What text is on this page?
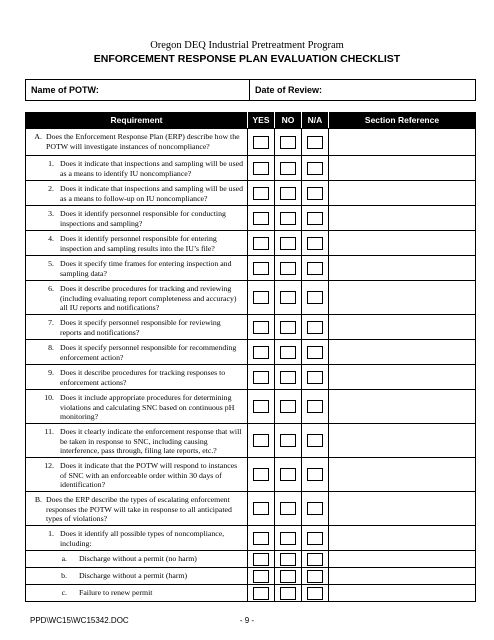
Oregon DEQ Industrial Pretreatment Program
ENFORCEMENT RESPONSE PLAN EVALUATION CHECKLIST
Name of POTW:	Date of Review:
Requirement	YES	NO	N/A	Section Reference
A. Does the Enforcement Response Plan (ERP) describe how the POTW will investigate instances of noncompliance?
1. Does it indicate that inspections and sampling will be used as a means to identify IU noncompliance?
2. Does it indicate that inspections and sampling will be used as a means to follow-up on IU noncompliance?
3. Does it identify personnel responsible for conducting inspections and sampling?
4. Does it identify personnel responsible for entering inspection and sampling results into the IU’s file?
5. Does it specify time frames for entering inspection and sampling data?
6. Does it describe procedures for tracking and reviewing (including evaluating report completeness and accuracy) all IU reports and notifications?
7. Does it specify personnel responsible for reviewing reports and notifications?
8. Does it specify personnel responsible for recommending enforcement action?
9. Does it describe procedures for tracking responses to enforcement actions?
10. Does it include appropriate procedures for determining violations and calculating SNC based on continuous pH monitoring?
11. Does it clearly indicate the enforcement response that will be taken in response to SNC, including causing interference, pass through, filing late reports, etc.?
12. Does it indicate that the POTW will respond to instances of SNC with an enforceable order within 30 days of identification?
B. Does the ERP describe the types of escalating enforcement responses the POTW will take in response to all anticipated types of violations?
1. Does it identify all possible types of noncompliance, including:
a.	Discharge without a permit (no harm)
b.	Discharge without a permit (harm)
c.	Failure to renew permit
PPD\WC15\WC15342.DOC	- 9 -
